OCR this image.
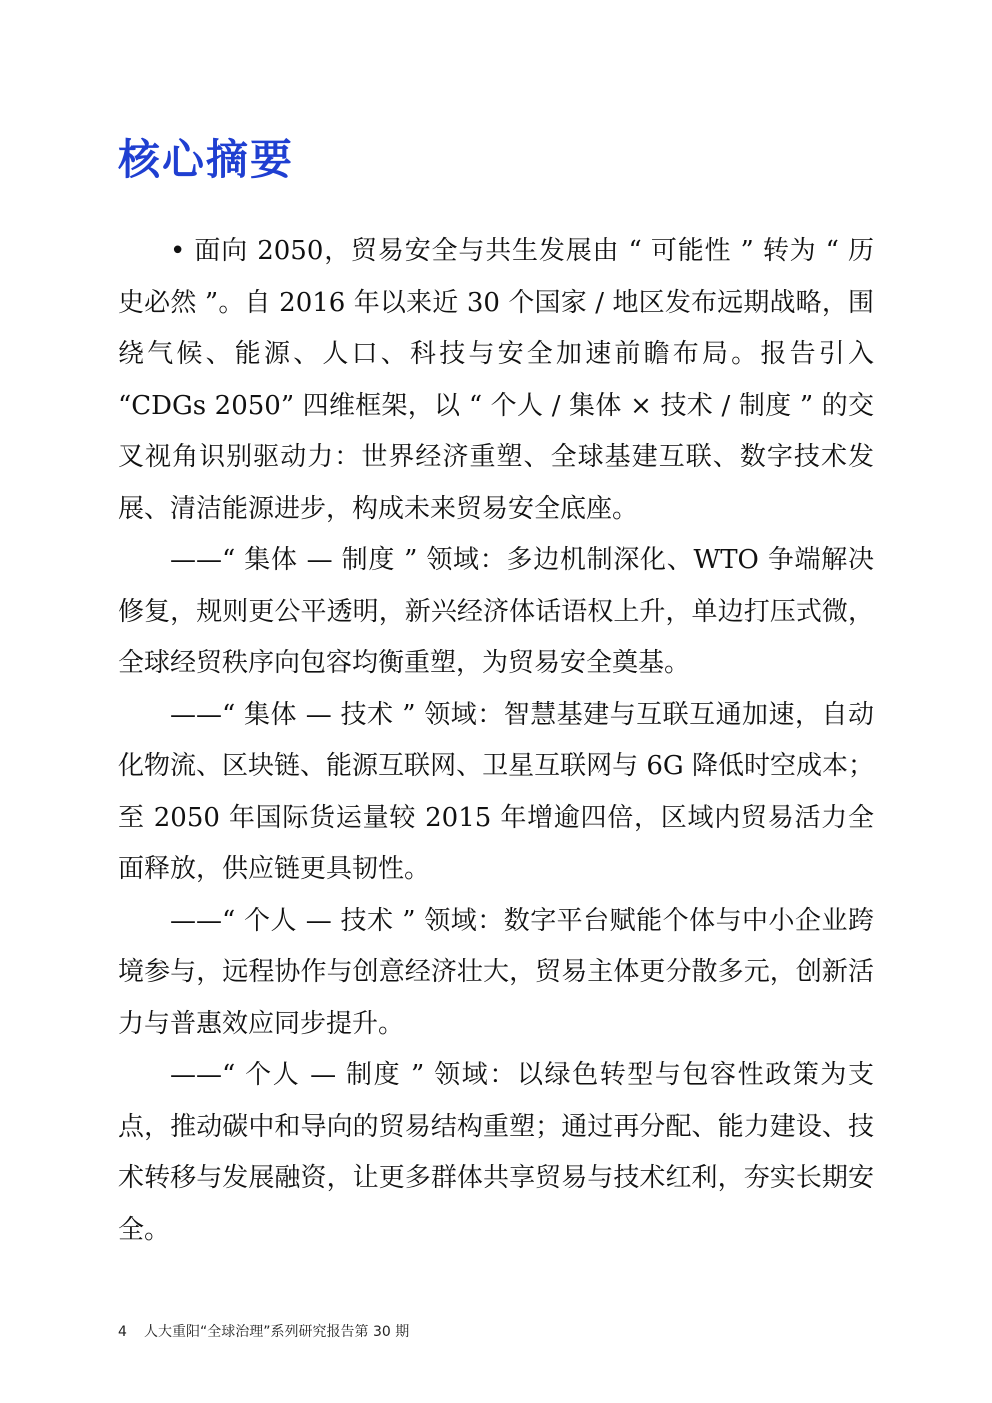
核心摘要

• 面向 2050，贸易安全与共生发展由 “ 可能性 ” 转为 “ 历史必然 ”。自 2016 年以来近 30 个国家 / 地区发布远期战略，围绕气候、能源、人口、科技与安全加速前瞻布局。报告引入 “CDGs 2050” 四维框架，以 “ 个人 / 集体 × 技术 / 制度 ” 的交叉视角识别驱动力：世界经济重塑、全球基建互联、数字技术发展、清洁能源进步，构成未来贸易安全底座。

——“ 集体 — 制度 ” 领域：多边机制深化、WTO 争端解决修复，规则更公平透明，新兴经济体话语权上升，单边打压式微，全球经贸秩序向包容均衡重塑，为贸易安全奠基。

——“ 集体 — 技术 ” 领域：智慧基建与互联互通加速，自动化物流、区块链、能源互联网、卫星互联网与 6G 降低时空成本；至 2050 年国际货运量较 2015 年增逾四倍，区域内贸易活力全面释放，供应链更具韧性。

——“ 个人 — 技术 ” 领域：数字平台赋能个体与中小企业跨境参与，远程协作与创意经济壮大，贸易主体更分散多元，创新活力与普惠效应同步提升。

——“ 个人 — 制度 ” 领域：以绿色转型与包容性政策为支点，推动碳中和导向的贸易结构重塑；通过再分配、能力建设、技术转移与发展融资，让更多群体共享贸易与技术红利，夯实长期安全。

4 人大重阳“全球治理”系列研究报告第 30 期
